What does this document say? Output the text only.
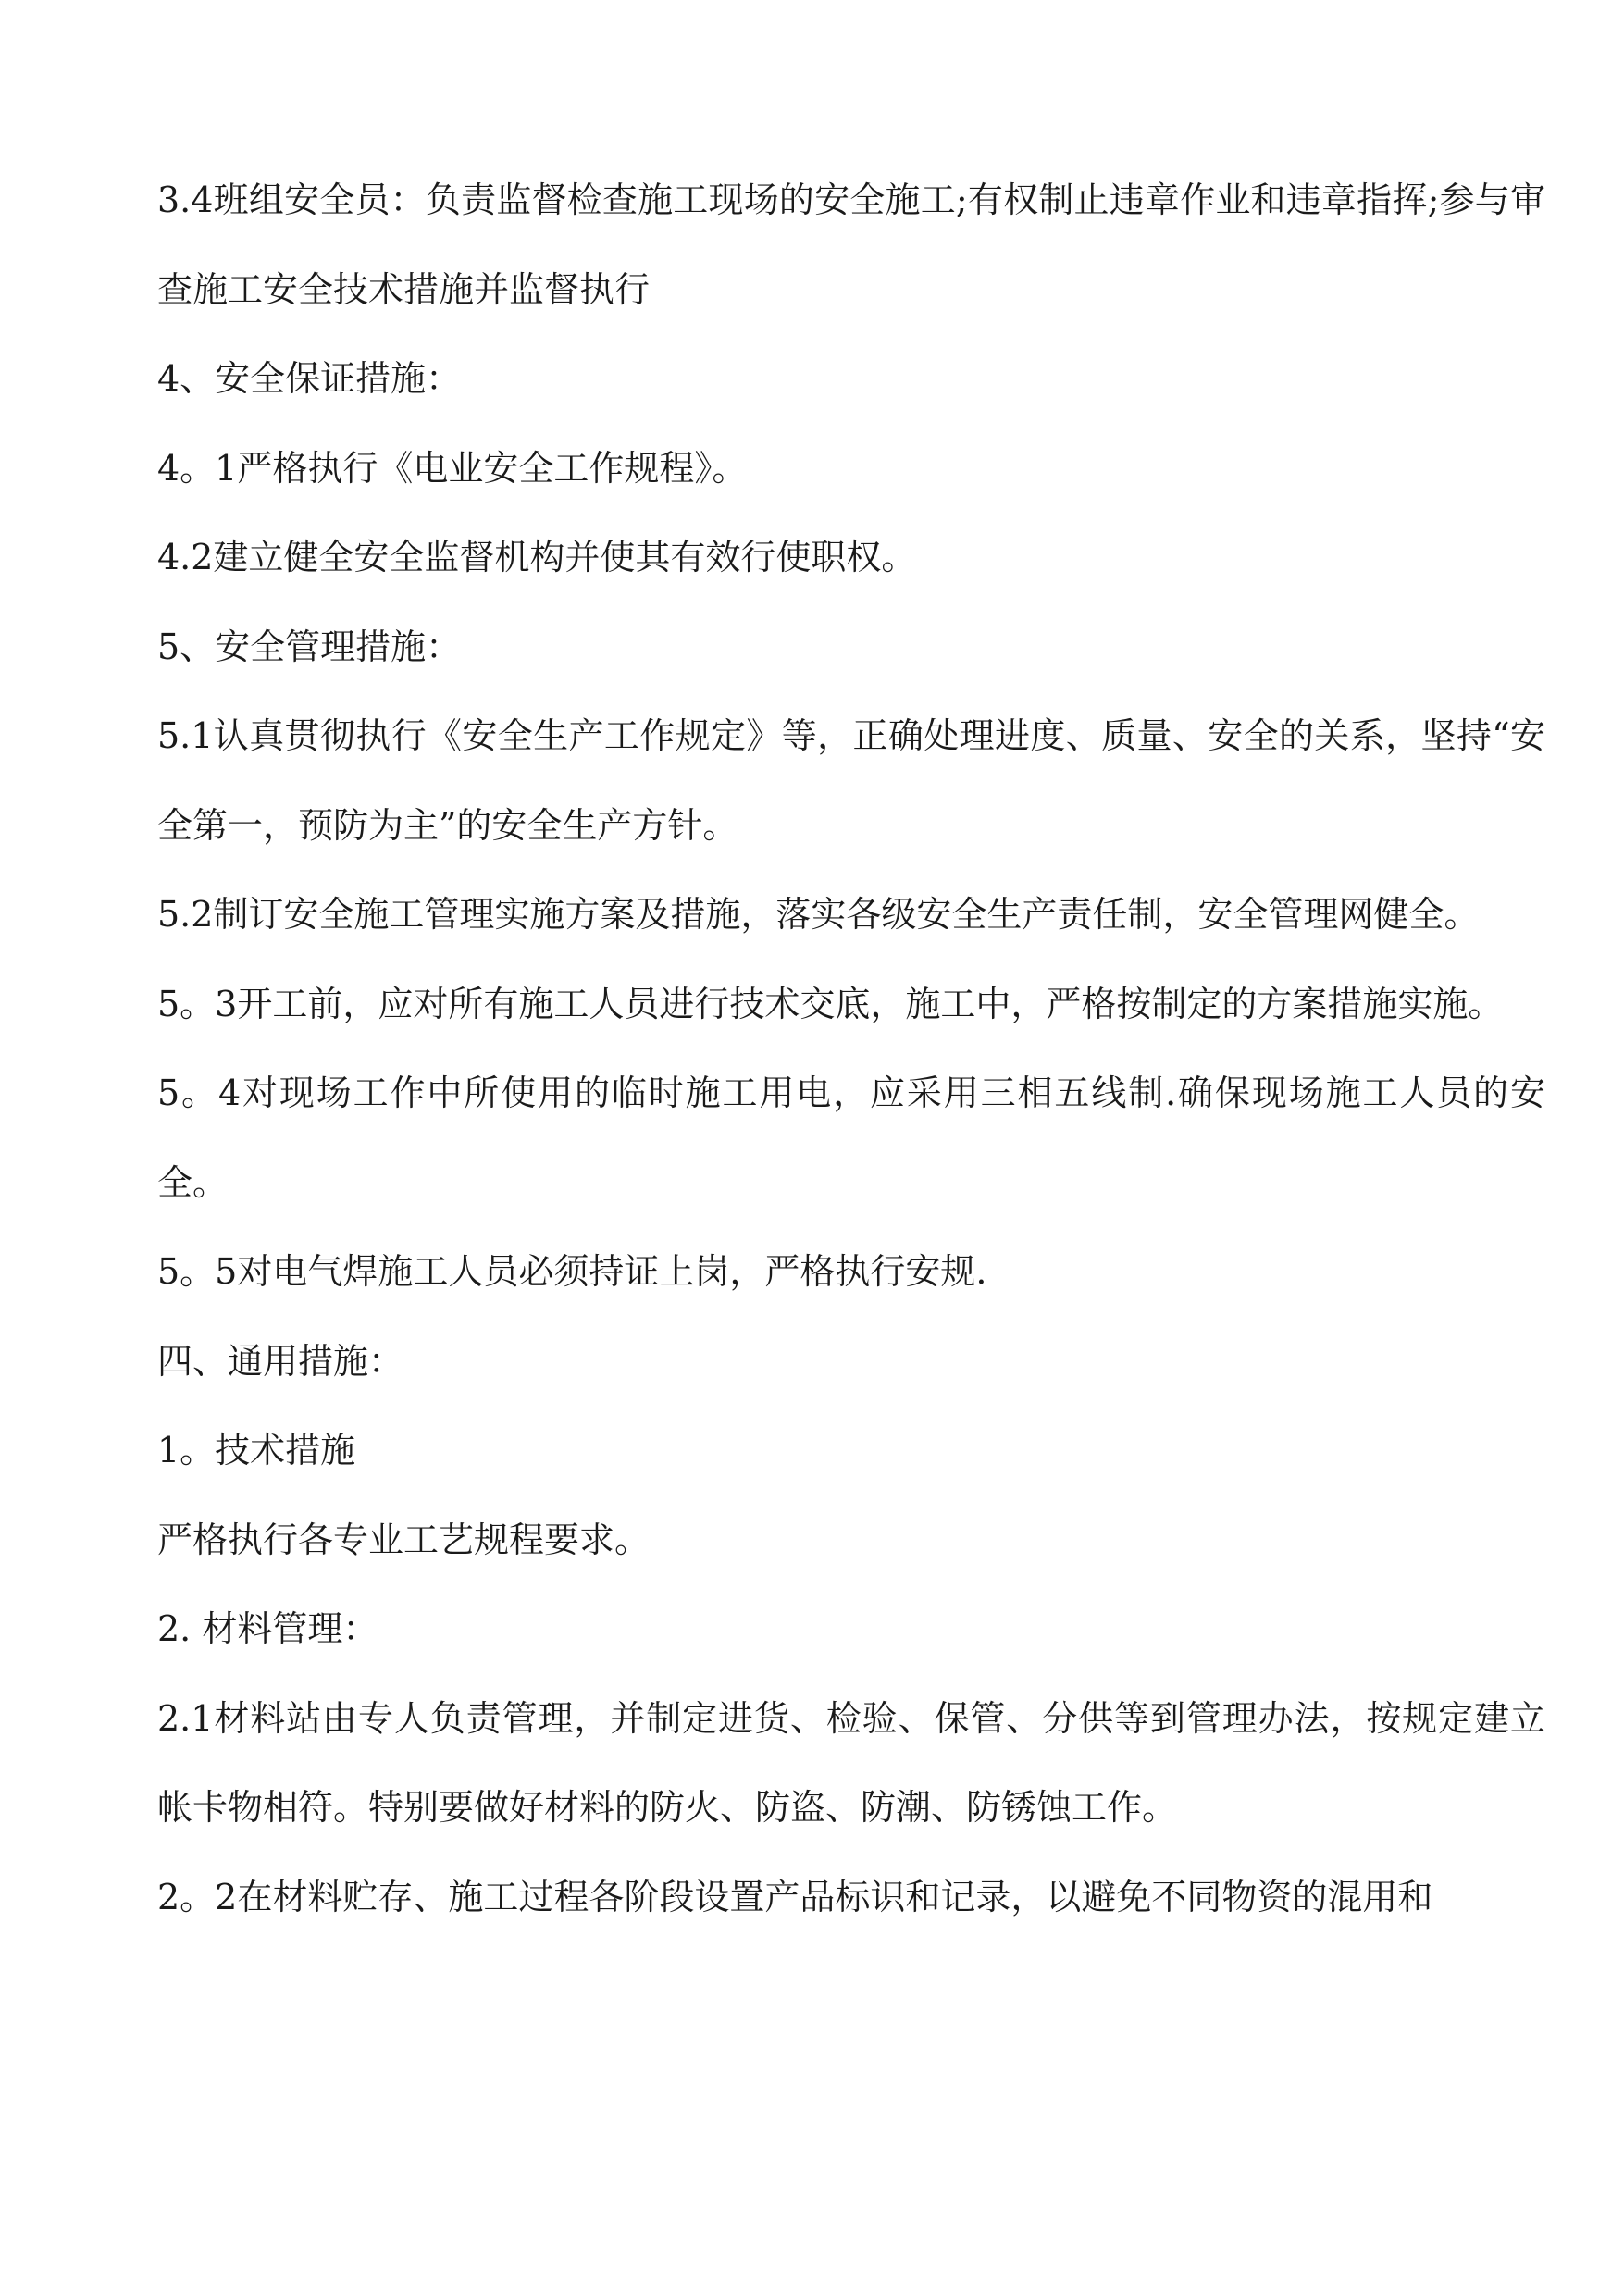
3.4班组安全员：负责监督检查施工现场的安全施工;有权制止违章作业和违章指挥;参与审查施工安全技术措施并监督执行

4、安全保证措施：

4。1严格执行《电业安全工作规程》。

4.2建立健全安全监督机构并使其有效行使职权。

5、安全管理措施：

5.1认真贯彻执行《安全生产工作规定》等，正确处理进度、质量、安全的关系，坚持“安全第一，预防为主”的安全生产方针。

5.2制订安全施工管理实施方案及措施，落实各级安全生产责任制，安全管理网健全。

5。3开工前，应对所有施工人员进行技术交底，施工中，严格按制定的方案措施实施。

5。4对现场工作中所使用的临时施工用电，应采用三相五线制.确保现场施工人员的安全。

5。5对电气焊施工人员必须持证上岗，严格执行安规.

四、通用措施：

1。技术措施

严格执行各专业工艺规程要求。

2. 材料管理：

2.1材料站由专人负责管理，并制定进货、检验、保管、分供等到管理办法，按规定建立帐卡物相符。特别要做好材料的防火、防盗、防潮、防锈蚀工作。

2。2在材料贮存、施工过程各阶段设置产品标识和记录，以避免不同物资的混用和
